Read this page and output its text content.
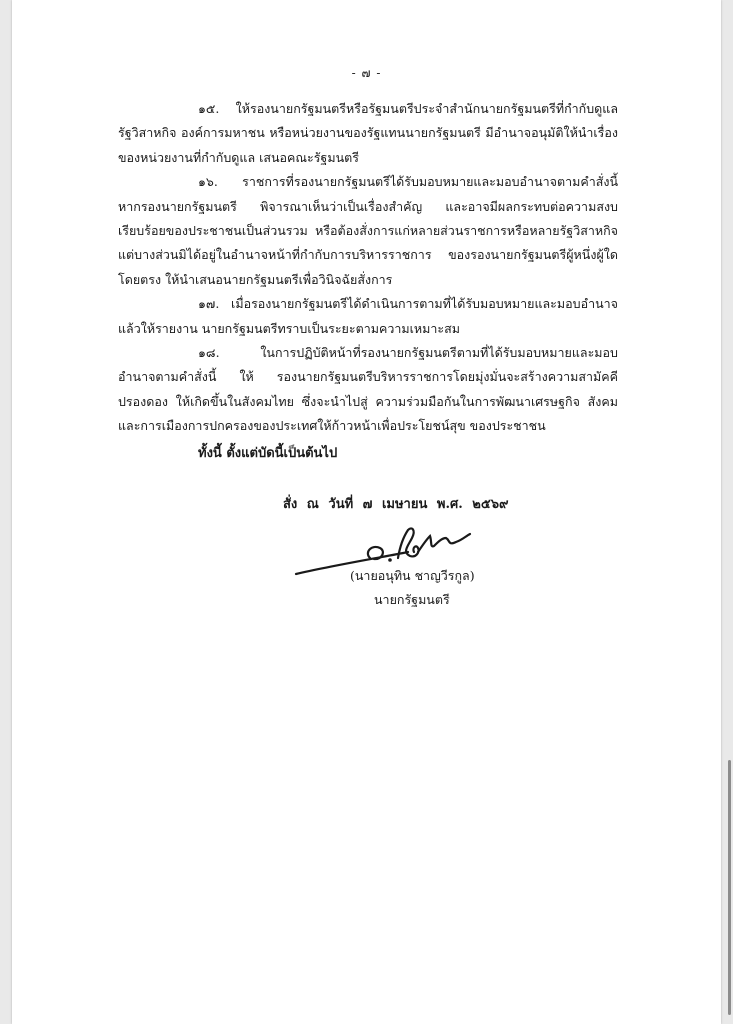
- ๗ -

๑๕. ให้รองนายกรัฐมนตรีหรือรัฐมนตรีประจำสำนักนายกรัฐมนตรีที่กำกับดูแลรัฐวิสาหกิจ องค์การมหาชน หรือหน่วยงานของรัฐแทนนายกรัฐมนตรี มีอำนาจอนุมัติให้นำเรื่องของหน่วยงานที่กำกับดูแล เสนอคณะรัฐมนตรี

๑๖. ราชการที่รองนายกรัฐมนตรีได้รับมอบหมายและมอบอำนาจตามคำสั่งนี้ หากรองนายกรัฐมนตรี พิจารณาเห็นว่าเป็นเรื่องสำคัญ และอาจมีผลกระทบต่อความสงบเรียบร้อยของประชาชนเป็นส่วนรวม หรือต้องสั่งการแก่หลายส่วนราชการหรือหลายรัฐวิสาหกิจแต่บางส่วนมิได้อยู่ในอำนาจหน้าที่กำกับการบริหารราชการ ของรองนายกรัฐมนตรีผู้หนึ่งผู้ใดโดยตรง ให้นำเสนอนายกรัฐมนตรีเพื่อวินิจฉัยสั่งการ

๑๗. เมื่อรองนายกรัฐมนตรีได้ดำเนินการตามที่ได้รับมอบหมายและมอบอำนาจแล้วให้รายงาน นายกรัฐมนตรีทราบเป็นระยะตามความเหมาะสม

๑๘. ในการปฏิบัติหน้าที่รองนายกรัฐมนตรีตามที่ได้รับมอบหมายและมอบอำนาจตามคำสั่งนี้ ให้ รองนายกรัฐมนตรีบริหารราชการโดยมุ่งมั่นจะสร้างความสามัคคี ปรองดอง ให้เกิดขึ้นในสังคมไทย ซึ่งจะนำไปสู่ ความร่วมมือกันในการพัฒนาเศรษฐกิจ สังคม และการเมืองการปกครองของประเทศให้ก้าวหน้าเพื่อประโยชน์สุข ของประชาชน

ทั้งนี้ ตั้งแต่บัดนี้เป็นต้นไป
สั่ง ณ วันที่ ๗ เมษายน พ.ศ. ๒๕๖๙
(นายอนุทิน ชาญวีรกูล)
นายกรัฐมนตรี
